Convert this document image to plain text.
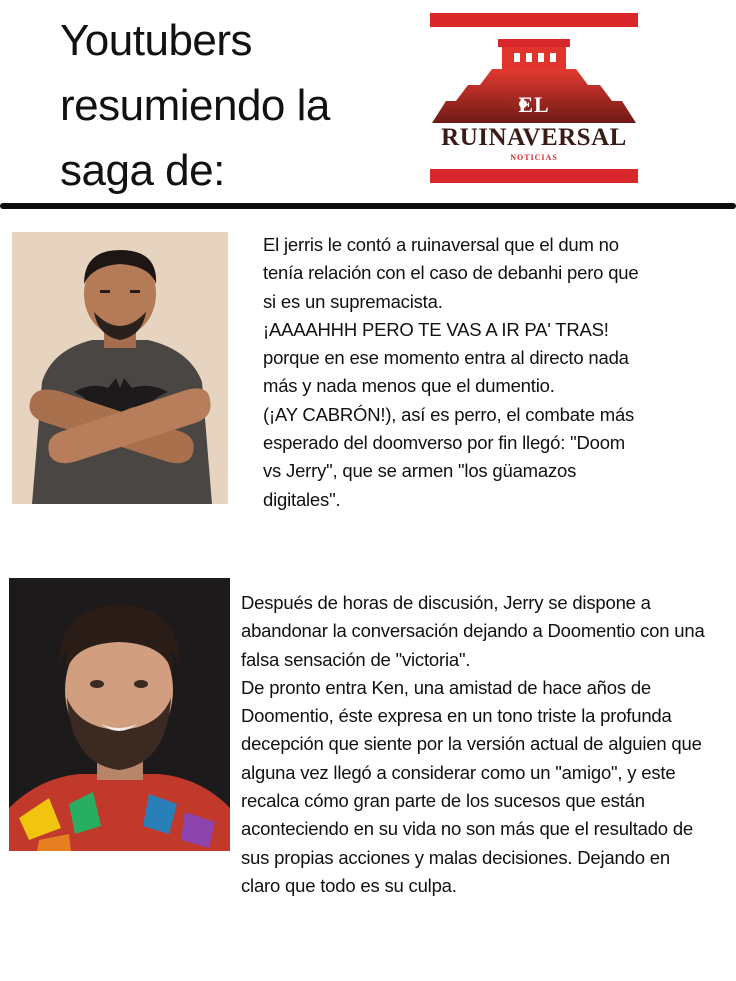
Youtubers
resumiendo la
saga de:
EL
RUINAVERSAL
NOTICIAS
El jerris le contó a ruinaversal que el dum no
tenía relación con el caso de debanhi pero que
si es un supremacista.
¡AAAAHHH PERO TE VAS A IR PA' TRAS!
porque en ese momento entra al directo nada
más y nada menos que el dumentio.
(¡AY CABRÓN!), así es perro, el combate más
esperado del doomverso por fin llegó: "Doom
vs Jerry", que se armen "los güamazos
digitales".
Después de horas de discusión, Jerry se dispone a
abandonar la conversación dejando a Doomentio con una
falsa sensación de "victoria".
De pronto entra Ken, una amistad de hace años de
Doomentio, éste expresa en un tono triste la profunda
decepción que siente por la versión actual de alguien que
alguna vez llegó a considerar como un "amigo", y este
recalca cómo gran parte de los sucesos que están
aconteciendo en su vida no son más que el resultado de
sus propias acciones y malas decisiones. Dejando en
claro que todo es su culpa.
